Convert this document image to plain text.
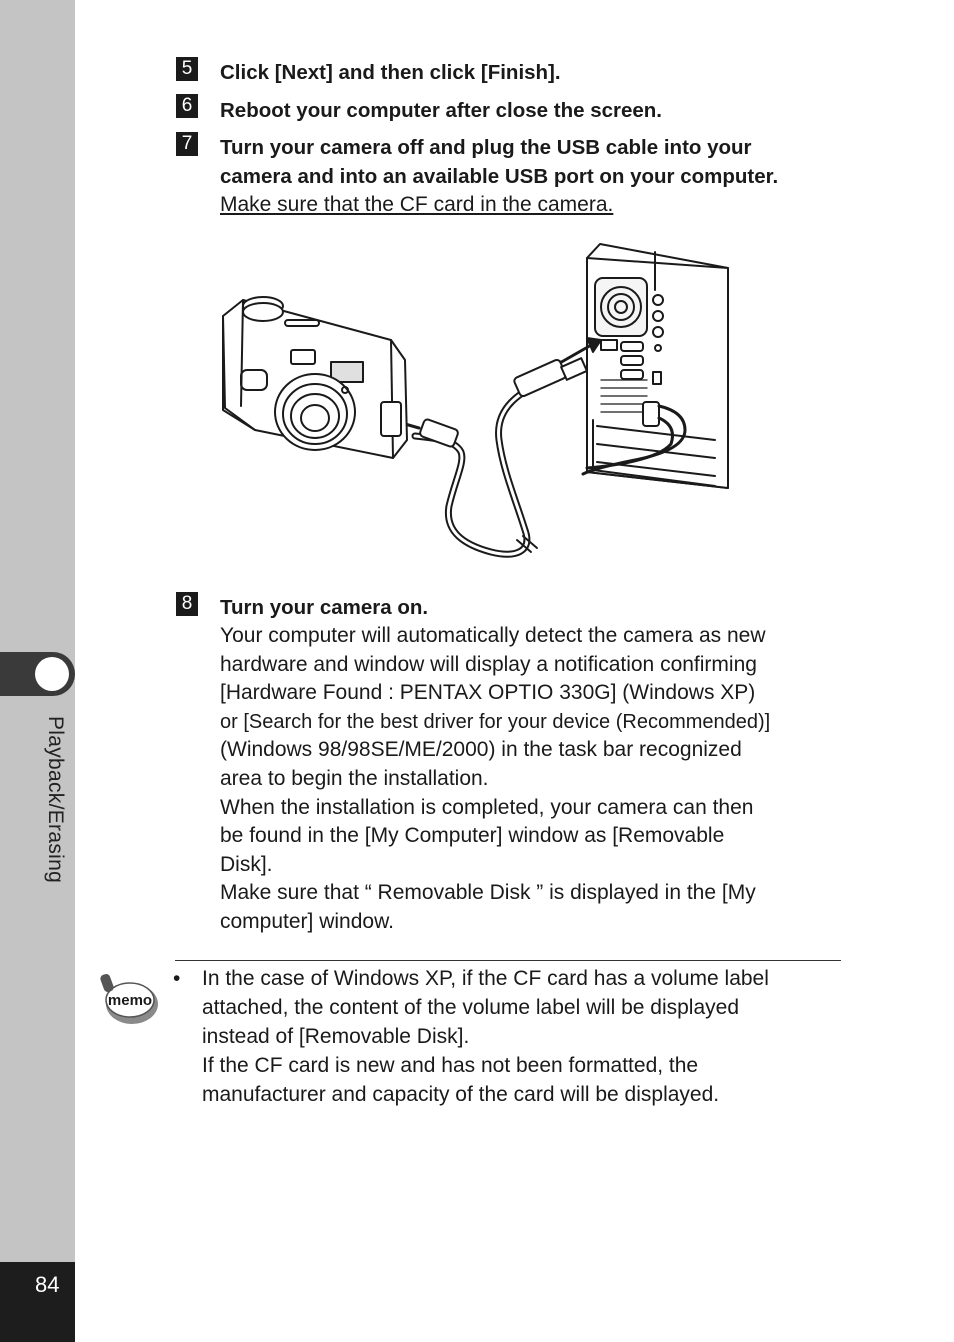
Playback/Erasing
84
5 Click [Next] and then click [Finish].
6 Reboot your computer after close the screen.
7 Turn your camera off and plug the USB cable into your
camera and into an available USB port on your computer.
Make sure that the CF card in the camera.
8 Turn your camera on.
Your computer will automatically detect the camera as new
hardware and window will display a notification confirming
[Hardware Found : PENTAX OPTIO 330G] (Windows XP)
or [Search for the best driver for your device (Recommended)]
(Windows 98/98SE/ME/2000) in the task bar recognized
area to begin the installation.
When the installation is completed, your camera can then
be found in the [My Computer] window as [Removable
Disk].
Make sure that “ Removable Disk ” is displayed in the [My
computer] window.
memo
• In the case of Windows XP, if the CF card has a volume label
attached, the content of the volume label will be displayed
instead of [Removable Disk].
If the CF card is new and has not been formatted, the
manufacturer and capacity of the card will be displayed.
